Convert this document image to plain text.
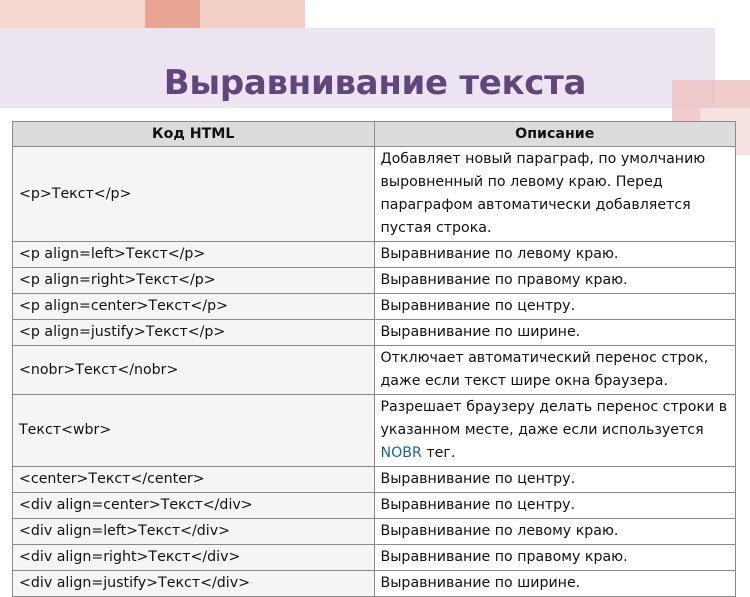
Выравнивание текста
Код HTML	Описание
<p>Текст</p>	Добавляет новый параграф, по умолчанию выровненный по левому краю. Перед параграфом автоматически добавляется пустая строка.
<p align=left>Текст</p>	Выравнивание по левому краю.
<p align=right>Текст</p>	Выравнивание по правому краю.
<p align=center>Текст</p>	Выравнивание по центру.
<p align=justify>Текст</p>	Выравнивание по ширине.
<nobr>Текст</nobr>	Отключает автоматический перенос строк, даже если текст шире окна браузера.
Текст<wbr>	Разрешает браузеру делать перенос строки в указанном месте, даже если используется NOBR тег.
<center>Текст</center>	Выравнивание по центру.
<div align=center>Текст</div>	Выравнивание по центру.
<div align=left>Текст</div>	Выравнивание по левому краю.
<div align=right>Текст</div>	Выравнивание по правому краю.
<div align=justify>Текст</div>	Выравнивание по ширине.
